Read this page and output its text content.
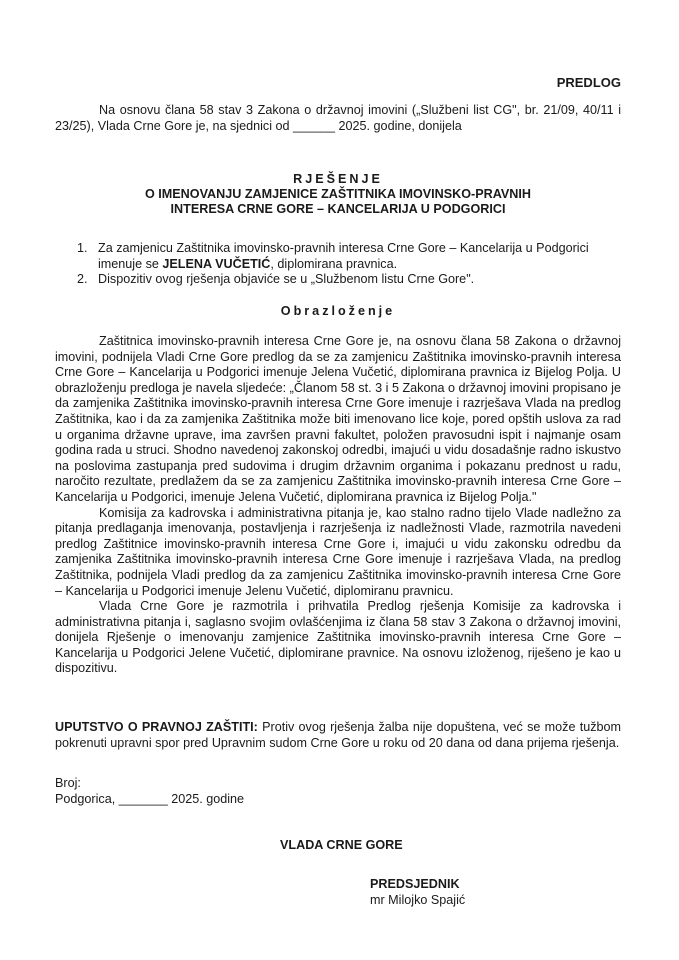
PREDLOG
Na osnovu člana 58 stav 3 Zakona o državnoj imovini („Službeni list CG", br. 21/09, 40/11 i 23/25), Vlada Crne Gore je, na sjednici od ______ 2025. godine, donijela
RJEŠENJE
O IMENOVANJU ZAMJENICE ZAŠTITNIKA IMOVINSKO-PRAVNIH
INTERESA CRNE GORE – KANCELARIJA U PODGORICI
1. Za zamjenicu Zaštitnika imovinsko-pravnih interesa Crne Gore – Kancelarija u Podgorici imenuje se JELENA VUČETIĆ, diplomirana pravnica.
2. Dispozitiv ovog rješenja objaviće se u „Službenom listu Crne Gore".
Obrazloženje

Zaštitnica imovinsko-pravnih interesa Crne Gore je, na osnovu člana 58 Zakona o državnoj imovini, podnijela Vladi Crne Gore predlog da se za zamjenicu Zaštitnika imovinsko-pravnih interesa Crne Gore – Kancelarija u Podgorici imenuje Jelena Vučetić, diplomirana pravnica iz Bijelog Polja. U obrazloženju predloga je navela sljedeće: „Članom 58 st. 3 i 5 Zakona o državnoj imovini propisano je da zamjenika Zaštitnika imovinsko-pravnih interesa Crne Gore imenuje i razrješava Vlada na predlog Zaštitnika, kao i da za zamjenika Zaštitnika može biti imenovano lice koje, pored opštih uslova za rad u organima državne uprave, ima završen pravni fakultet, položen pravosudni ispit i najmanje osam godina rada u struci. Shodno navedenoj zakonskoj odredbi, imajući u vidu dosadašnje radno iskustvo na poslovima zastupanja pred sudovima i drugim državnim organima i pokazanu prednost u radu, naročito rezultate, predlažem da se za zamjenicu Zaštitnika imovinsko-pravnih interesa Crne Gore – Kancelarija u Podgorici, imenuje Jelena Vučetić, diplomirana pravnica iz Bijelog Polja."

Komisija za kadrovska i administrativna pitanja je, kao stalno radno tijelo Vlade nadležno za pitanja predlaganja imenovanja, postavljenja i razrješenja iz nadležnosti Vlade, razmotrila navedeni predlog Zaštitnice imovinsko-pravnih interesa Crne Gore i, imajući u vidu zakonsku odredbu da zamjenika Zaštitnika imovinsko-pravnih interesa Crne Gore imenuje i razrješava Vlada, na predlog Zaštitnika, podnijela Vladi predlog da za zamjenicu Zaštitnika imovinsko-pravnih interesa Crne Gore – Kancelarija u Podgorici imenuje Jelenu Vučetić, diplomiranu pravnicu.

Vlada Crne Gore je razmotrila i prihvatila Predlog rješenja Komisije za kadrovska i administrativna pitanja i, saglasno svojim ovlašćenjima iz člana 58 stav 3 Zakona o državnoj imovini, donijela Rješenje o imenovanju zamjenice Zaštitnika imovinsko-pravnih interesa Crne Gore – Kancelarija u Podgorici Jelene Vučetić, diplomirane pravnice. Na osnovu izloženog, riješeno je kao u dispozitivu.

UPUTSTVO O PRAVNOJ ZAŠTITI: Protiv ovog rješenja žalba nije dopuštena, već se može tužbom pokrenuti upravni spor pred Upravnim sudom Crne Gore u roku od 20 dana od dana prijema rješenja.
Broj:
Podgorica, _______ 2025. godine
VLADA CRNE GORE
PREDSJEDNIK
mr Milojko Spajić
